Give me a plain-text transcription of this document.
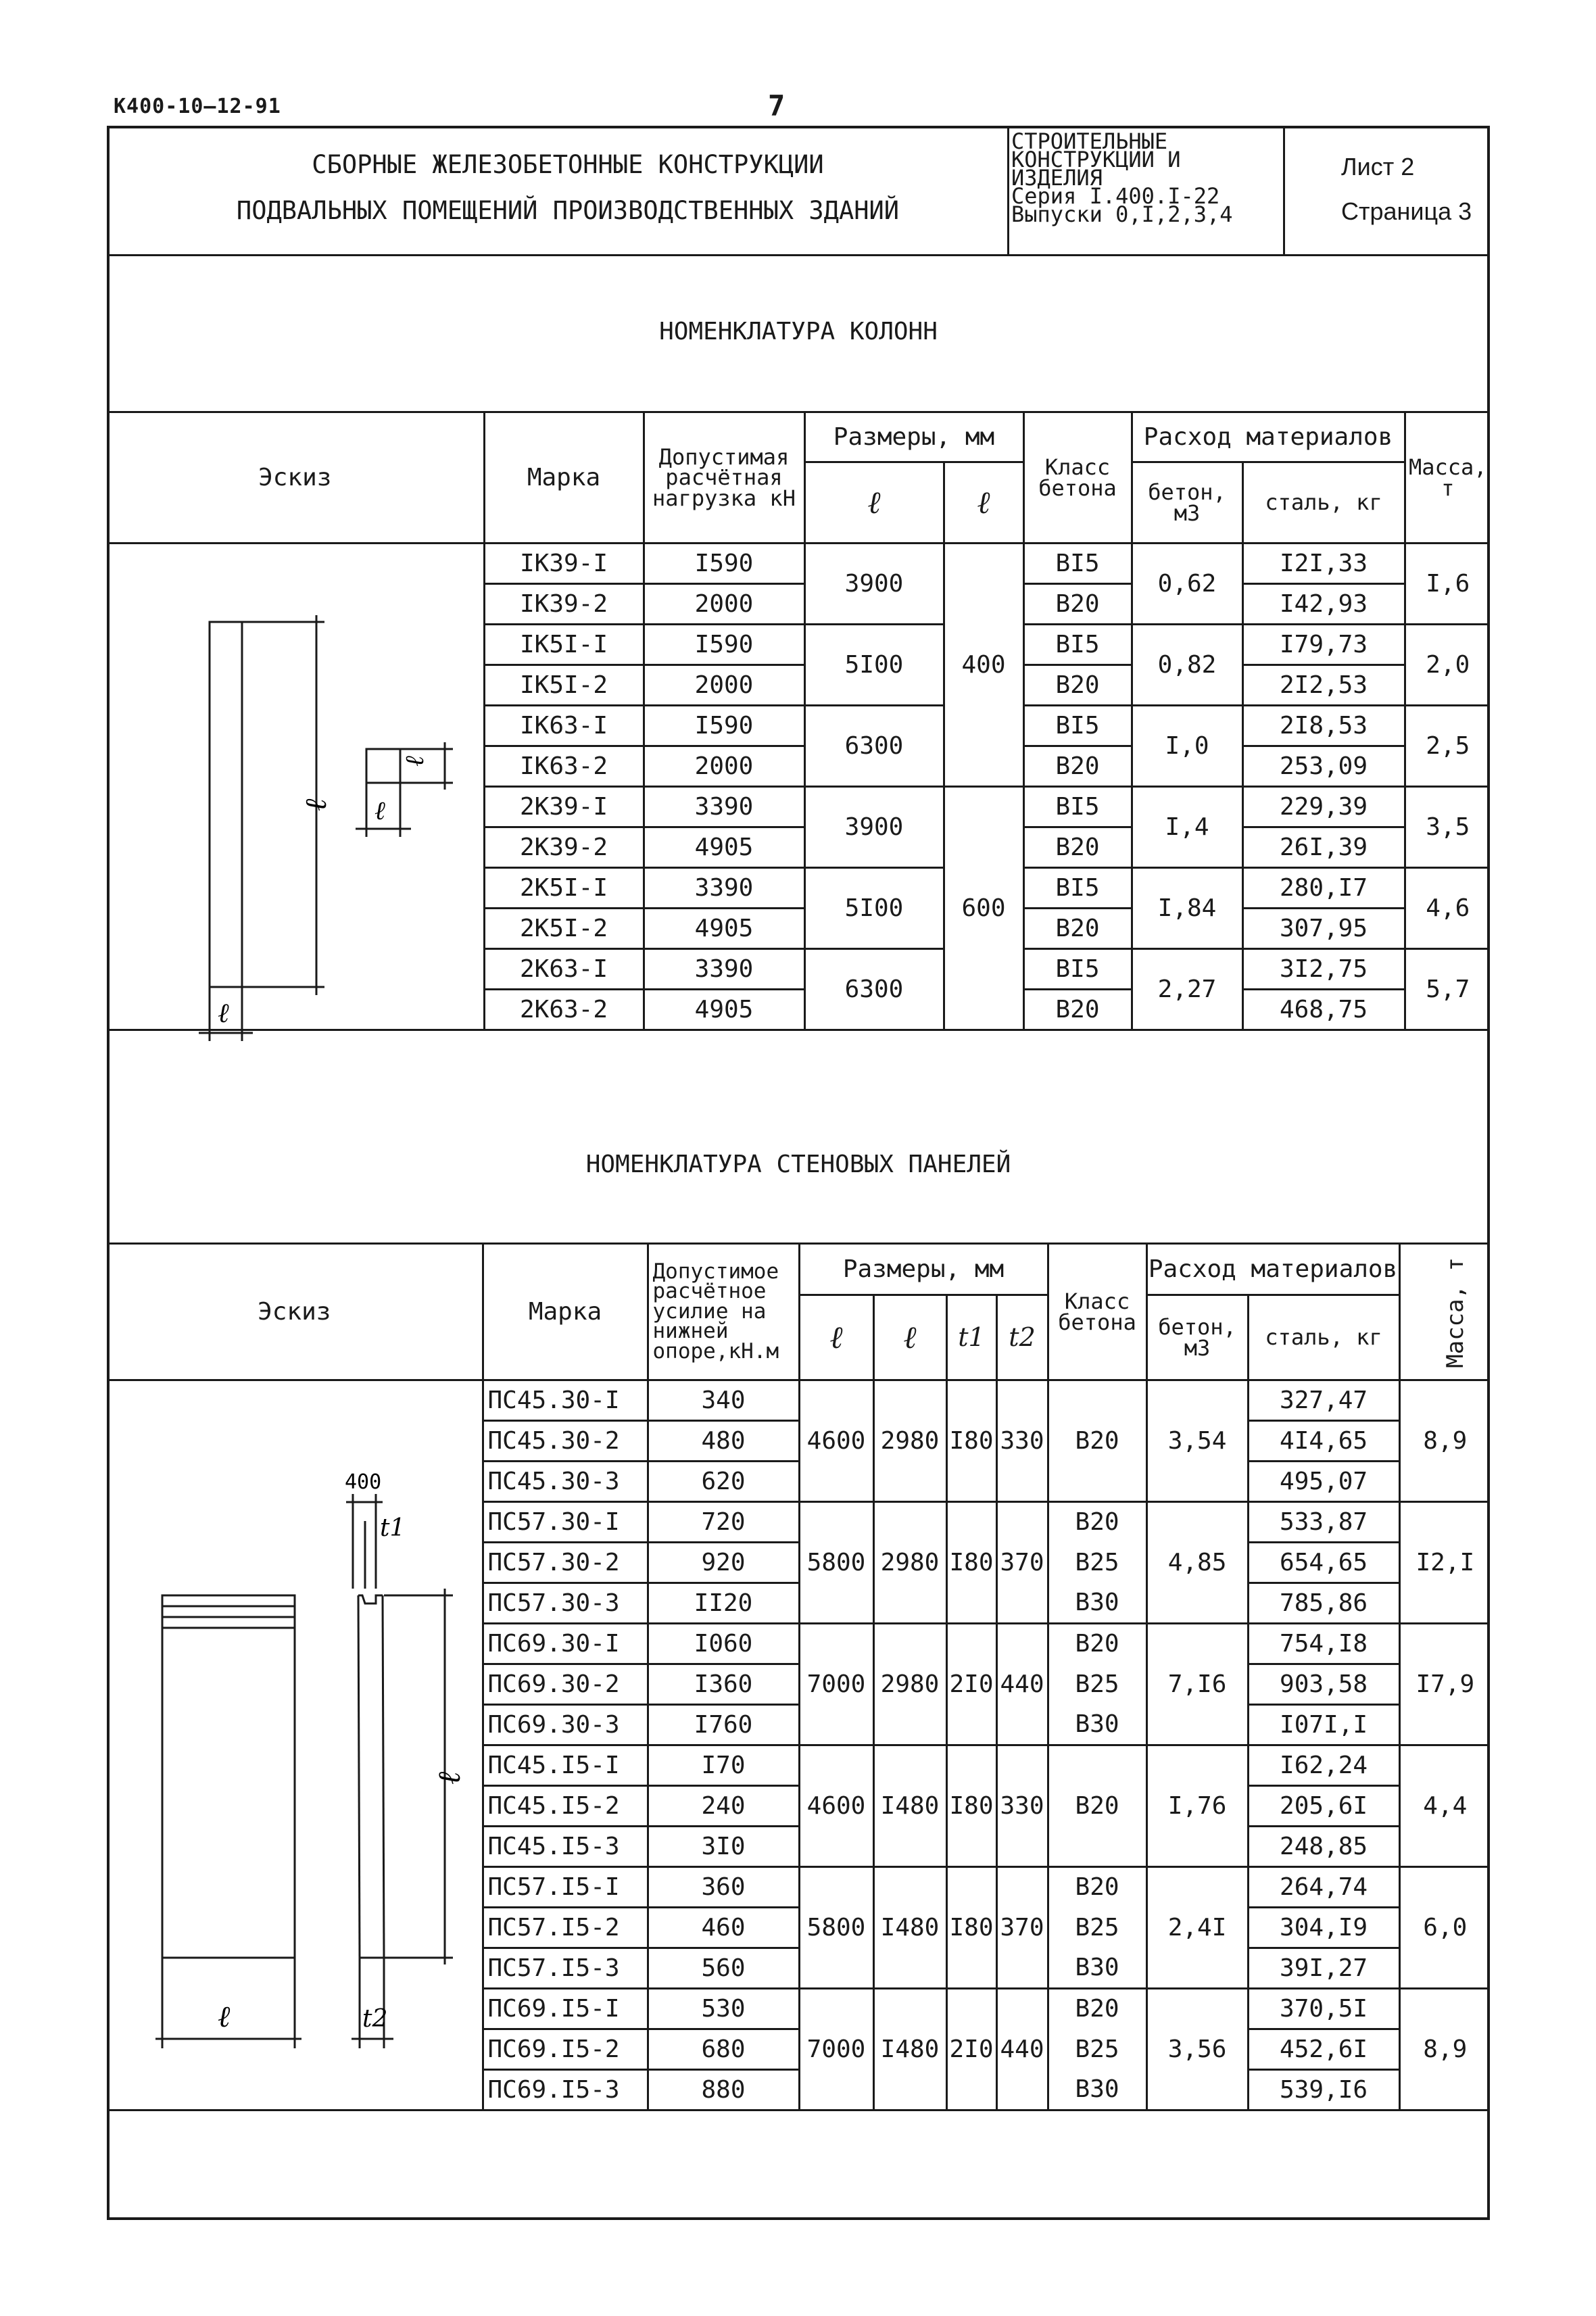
К400-10—12-91	7
СБОРНЫЕ ЖЕЛЕЗОБЕТОННЫЕ КОНСТРУКЦИИ
ПОДВАЛЬНЫХ ПОМЕЩЕНИЙ ПРОИЗВОДСТВЕННЫХ ЗДАНИЙ
СТРОИТЕЛЬНЫЕ
КОНСТРУКЦИИ И
ИЗДЕЛИЯ
Серия I.400.I-22
Выпуски 0,I,2,3,4
Лист 2
Страница 3
НОМЕНКЛАТУРА КОЛОНН
Эскиз	Марка	Допустимая расчётная нагрузка кН	Размеры, мм		Класс бетона	Расход материалов		Масса, т
			ℓ	ℓ		бетон, м3	сталь, кг	
	IК39-I	I590	3900	400	BI5	0,62	I2I,33	I,6
	IК39-2	2000			B20		I42,93	
	IК5I-I	I590	5I00		BI5	0,82	I79,73	2,0
	IК5I-2	2000			B20		2I2,53	
	IК63-I	I590	6300		BI5	I,0	2I8,53	2,5
	IК63-2	2000			B20		253,09	
	2К39-I	3390	3900	600	BI5	I,4	229,39	3,5
	2К39-2	4905			B20		26I,39	
	2К5I-I	3390	5I00		BI5	I,84	280,I7	4,6
	2К5I-2	4905			B20		307,95	
	2К63-I	3390	6300		BI5	2,27	3I2,75	5,7
	2К63-2	4905			B20		468,75	

ℓ
ℓ
ℓ
ℓ
НОМЕНКЛАТУРА СТЕНОВЫХ ПАНЕЛЕЙ
Эскиз	Марка	Допустимое расчётное усилие на нижней опоре,кН.м	Размеры, мм				Класс бетона	Расход материалов		Масса, т
			ℓ	ℓ	t1	t2		бетон, м3	сталь, кг	
	ПС45.30-I	340	4600	2980	I80	330		3,54	327,47	8,9
	ПС45.30-2	480					B20		4I4,65	
	ПС45.30-3	620							495,07	
	ПС57.30-I	720	5800	2980	I80	370	B20	4,85	533,87	I2,I
	ПС57.30-2	920					B25		654,65	
	ПС57.30-3	II20					B30		785,86	
	ПС69.30-I	I060	7000	2980	2I0	440	B20	7,I6	754,I8	I7,9
	ПС69.30-2	I360					B25		903,58	
	ПС69.30-3	I760					B30		I07I,I	
	ПС45.I5-I	I70	4600	I480	I80	330		I,76	I62,24	4,4
	ПС45.I5-2	240					B20		205,6I	
	ПС45.I5-3	3I0							248,85	
	ПС57.I5-I	360	5800	I480	I80	370	B20	2,4I	264,74	6,0
	ПС57.I5-2	460					B25		304,I9	
	ПС57.I5-3	560					B30		39I,27	
	ПС69.I5-I	530	7000	I480	2I0	440	B20	3,56	370,5I	8,9
	ПС69.I5-2	680					B25		452,6I	
	ПС69.I5-3	880					B30		539,I6	
400
t1
t2
ℓ
ℓ
